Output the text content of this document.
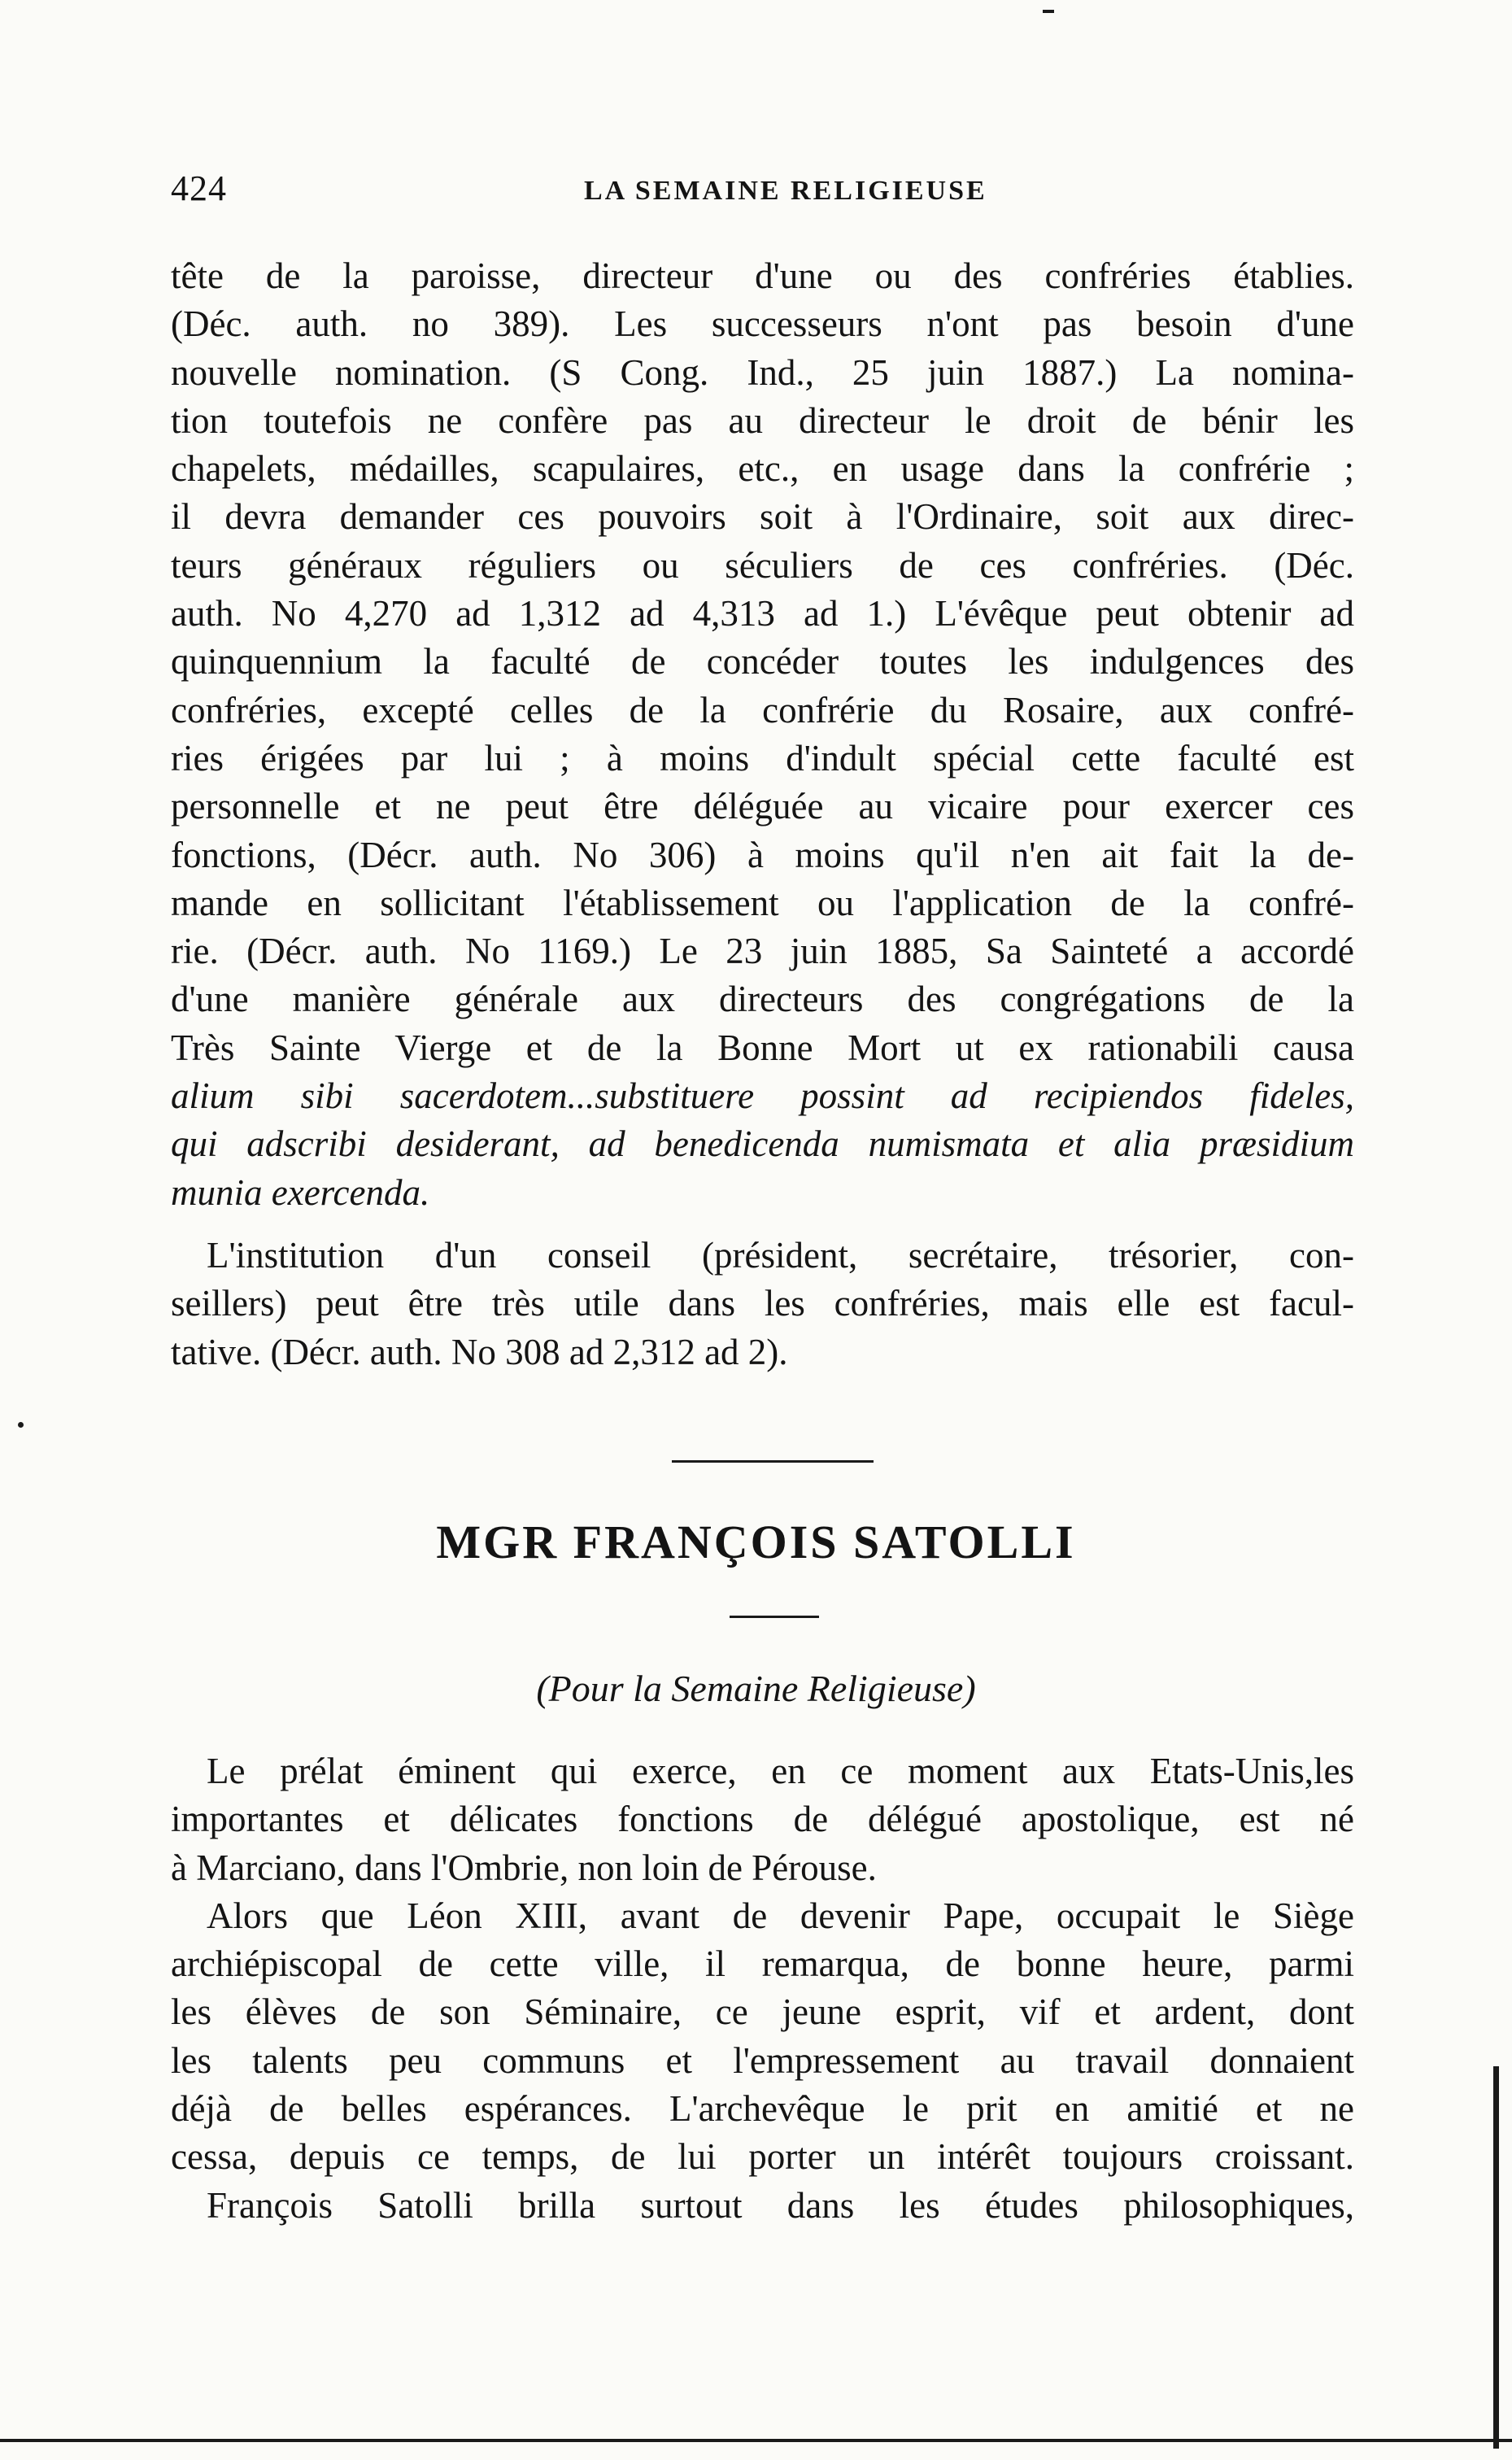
424	LA SEMAINE RELIGIEUSE
tête de la paroisse, directeur d'une ou des confréries établies.
(Déc. auth. no 389). Les successeurs n'ont pas besoin d'une
nouvelle nomination. (S Cong. Ind., 25 juin 1887.) La nomina-
tion toutefois ne confère pas au directeur le droit de bénir les
chapelets, médailles, scapulaires, etc., en usage dans la confrérie ;
il devra demander ces pouvoirs soit à l'Ordinaire, soit aux direc-
teurs généraux réguliers ou séculiers de ces confréries. (Déc.
auth. No 4,270 ad 1,312 ad 4,313 ad 1.) L'évêque peut obtenir ad
quinquennium la faculté de concéder toutes les indulgences des
confréries, excepté celles de la confrérie du Rosaire, aux confré-
ries érigées par lui ; à moins d'indult spécial cette faculté est
personnelle et ne peut être déléguée au vicaire pour exercer ces
fonctions, (Décr. auth. No 306) à moins qu'il n'en ait fait la de-
mande en sollicitant l'établissement ou l'application de la confré-
rie. (Décr. auth. No 1169.) Le 23 juin 1885, Sa Sainteté a accordé
d'une manière générale aux directeurs des congrégations de la
Très Sainte Vierge et de la Bonne Mort ut ex rationabili causa
alium sibi sacerdotem...substituere possint ad recipiendos fideles,
qui adscribi desiderant, ad benedicenda numismata et alia præsidium
munia exercenda.
L'institution d'un conseil (président, secrétaire, trésorier, con-
seillers) peut être très utile dans les confréries, mais elle est facul-
tative. (Décr. auth. No 308 ad 2,312 ad 2).
MGR FRANÇOIS SATOLLI
(Pour la Semaine Religieuse)
Le prélat éminent qui exerce, en ce moment aux Etats-Unis,les
importantes et délicates fonctions de délégué apostolique, est né
à Marciano, dans l'Ombrie, non loin de Pérouse.
Alors que Léon XIII, avant de devenir Pape, occupait le Siège
archiépiscopal de cette ville, il remarqua, de bonne heure, parmi
les élèves de son Séminaire, ce jeune esprit, vif et ardent, dont
les talents peu communs et l'empressement au travail donnaient
déjà de belles espérances. L'archevêque le prit en amitié et ne
cessa, depuis ce temps, de lui porter un intérêt toujours croissant.
François Satolli brilla surtout dans les études philosophiques,
